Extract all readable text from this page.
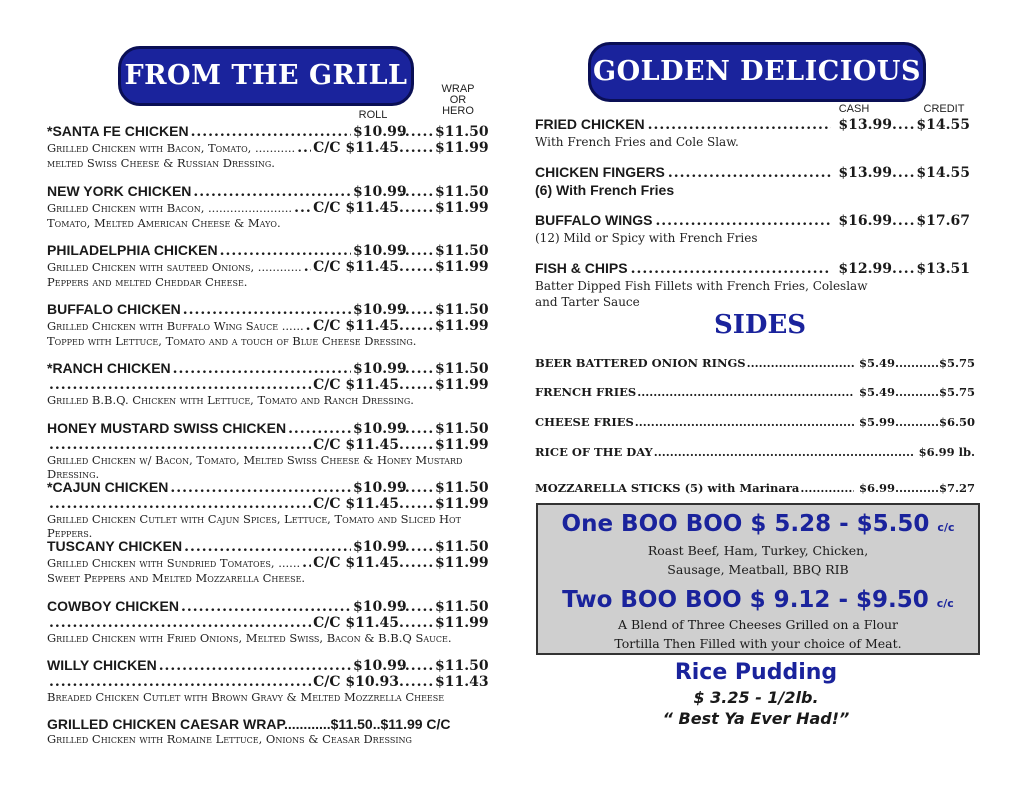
FROM THE GRILL
ROLL
WRAP
OR
HERO
*SANTA FE CHICKEN .....	$10.99 ..... $11.50
Grilled Chicken with Bacon, Tomato, ........... ..... C/C $11.45 .....	$11.99
melted Swiss Cheese & Russian Dressing.
NEW YORK CHICKEN .....	$10.99 ..... $11.50
Grilled Chicken with Bacon, ....................... ..... C/C $11.45 .....	$11.99
Tomato, Melted American Cheese & Mayo.
PHILADELPHIA CHICKEN .....	$10.99 ..... $11.50
Grilled Chicken with sauteed Onions, ............ ..... C/C $11.45 .....	$11.99
Peppers and melted Cheddar Cheese.
BUFFALO CHICKEN .....	$10.99 ..... $11.50
Grilled Chicken with Buffalo Wing Sauce ...... ..... C/C $11.45 .....	$11.99
Topped with Lettuce, Tomato and a touch of Blue Cheese Dressing.
*RANCH CHICKEN .....	$10.99 ..... $11.50
.....
C/C $11.45 .....	$11.99
Grilled B.B.Q. Chicken with Lettuce, Tomato and Ranch Dressing.
HONEY MUSTARD SWISS CHICKEN .....	$10.99 ..... $11.50
.....
C/C $11.45 .....	$11.99
Grilled Chicken w/ Bacon, Tomato, Melted Swiss Cheese & Honey Mustard Dressing.
*CAJUN CHICKEN .....	$10.99 ..... $11.50
.....
C/C $11.45 .....	$11.99
Grilled Chicken Cutlet with Cajun Spices, Lettuce, Tomato and Sliced Hot Peppers.
TUSCANY CHICKEN .....	$10.99 ..... $11.50
Grilled Chicken with Sundried Tomatoes, ...... ..... C/C $11.45 .....	$11.99
Sweet Peppers and Melted Mozzarella Cheese.
COWBOY CHICKEN .....	$10.99 ..... $11.50
.....
C/C $11.45 .....	$11.99
Grilled Chicken with Fried Onions, Melted Swiss, Bacon & B.B.Q Sauce.
WILLY CHICKEN .....	$10.99 ..... $11.50
.....
C/C $10.93 .....	$11.43
Breaded Chicken Cutlet with Brown Gravy & Melted Mozzrella Cheese
GRILLED CHICKEN CAESAR WRAP............$11.50..$11.99 C/C
Grilled Chicken with Romaine Lettuce, Onions & Ceasar Dressing
GOLDEN DELICIOUS
CASH	CREDIT
FRIED CHICKEN .....	$13.99 ..... $14.55
With French Fries and Cole Slaw.
CHICKEN FINGERS .....	$13.99 ..... $14.55
(6) With French Fries
BUFFALO WINGS .....	$16.99 ..... $17.67
(12) Mild or Spicy with French Fries
FISH & CHIPS .....	$12.99 ..... $13.51
Batter Dipped Fish Fillets with French Fries, Coleslaw
and Tarter Sauce
SIDES
BEER BATTERED ONION RINGS .....	$5.49 .....	$5.75
FRENCH FRIES .....	$5.49 .....	$5.75
CHEESE FRIES .....	$5.99 .....	$6.50
RICE OF THE DAY .....	$6.99 lb.
MOZZARELLA STICKS (5) with Marinara .....	$6.99 .....	$7.27
One BOO BOO $ 5.28 - $5.50 c/c
Roast Beef, Ham, Turkey, Chicken,
Sausage, Meatball, BBQ RIB
Two BOO BOO $ 9.12 - $9.50 c/c
A Blend of Three Cheeses Grilled on a Flour
Tortilla Then Filled with your choice of Meat.
Rice Pudding
$ 3.25 - 1/2lb.
“ Best Ya Ever Had!”
